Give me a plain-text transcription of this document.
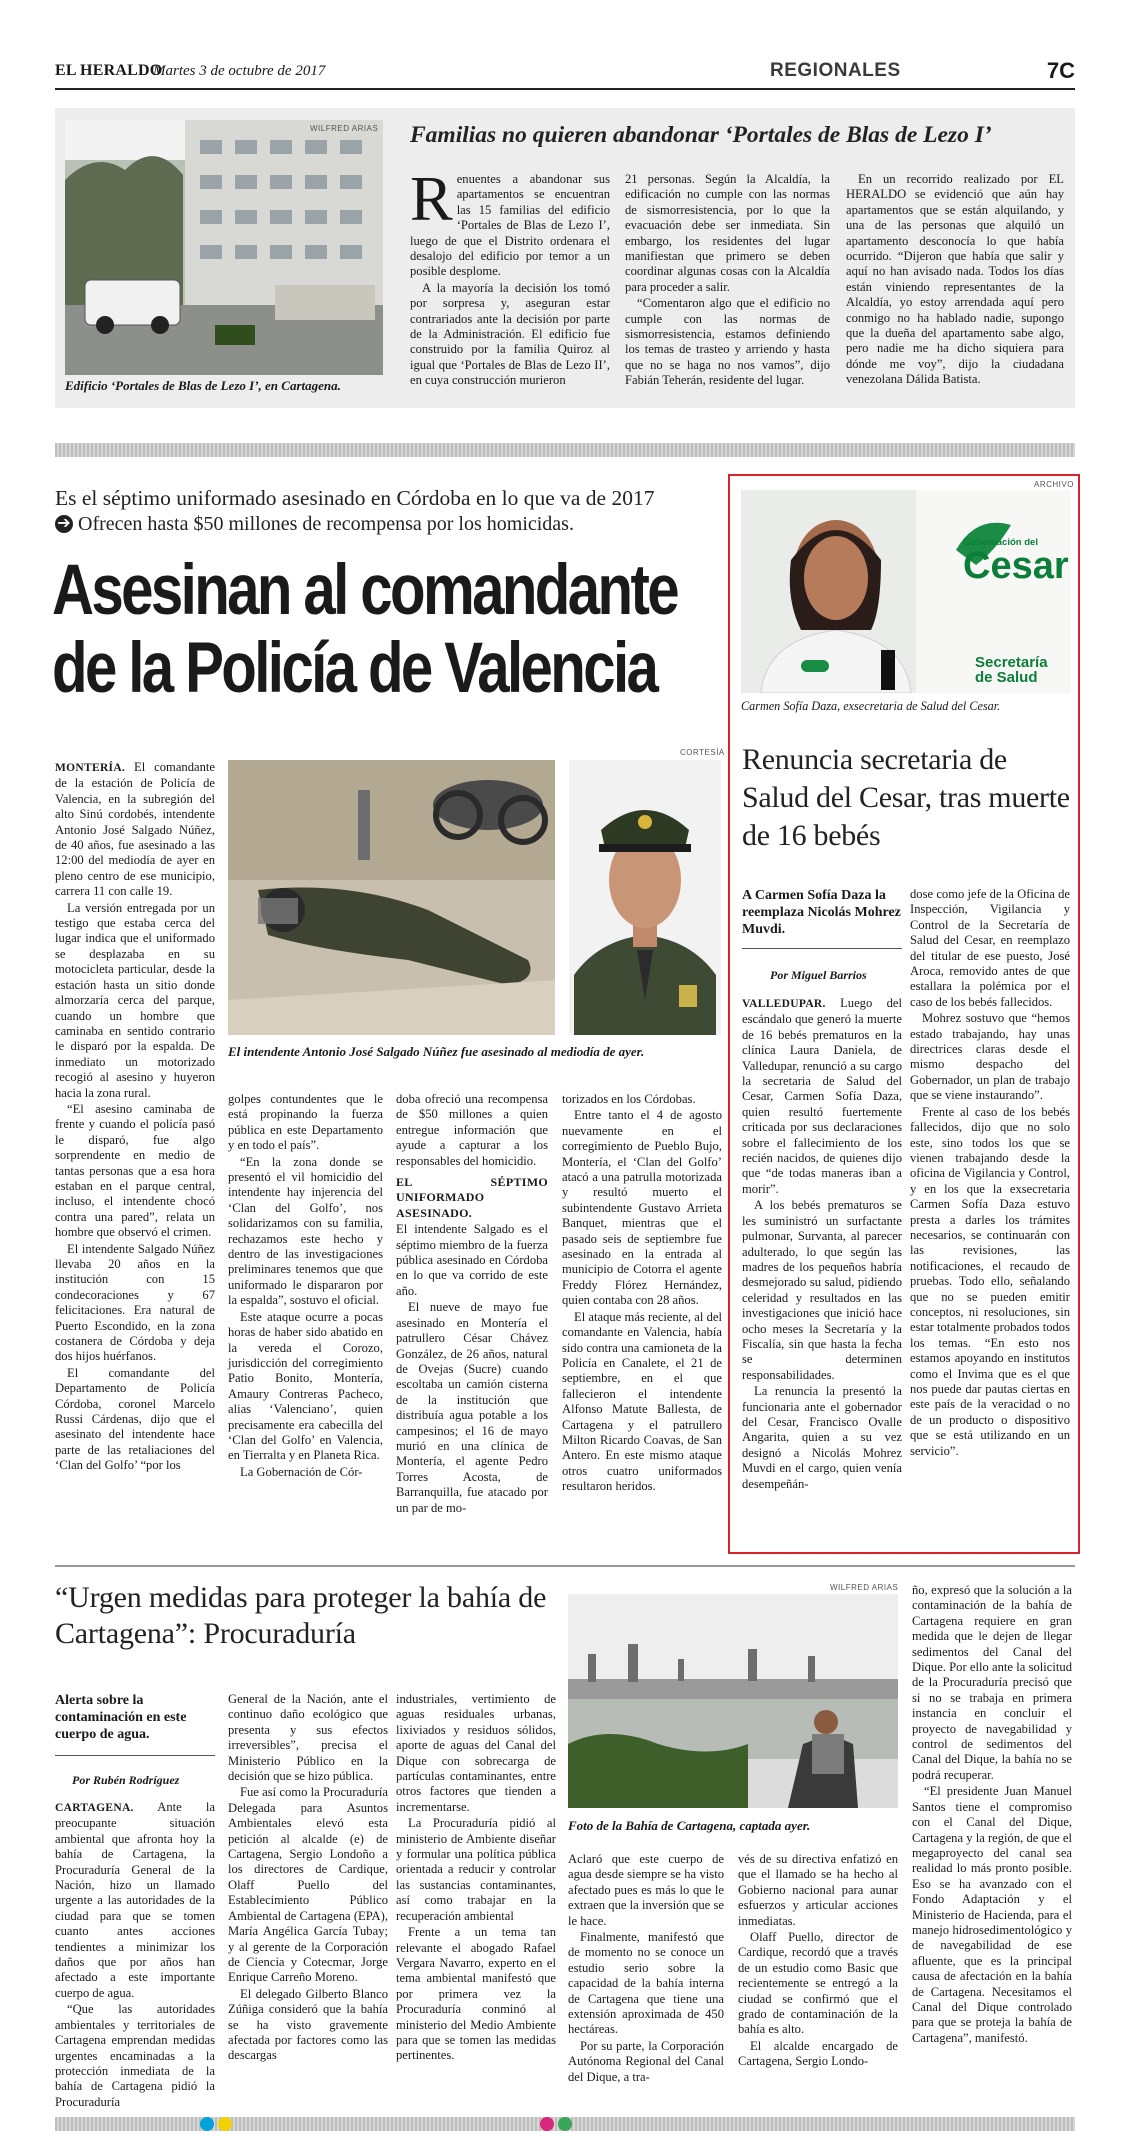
EL HERALDO
Martes 3 de octubre de 2017	REGIONALES	7C
WILFRED ARIAS
Edificio ‘Portales de Blas de Lezo I’, en Cartagena.
Familias no quieren abandonar ‘Portales de Blas de Lezo I’
R enuentes a abandonar sus apartamentos se encuentran las 15 familias del edificio ‘Portales de Blas de Lezo I’, luego de que el Distrito ordenara el desalojo del edificio por temor a un posible desplome.

A la mayoría la decisión los tomó por sorpresa y, aseguran estar contrariados ante la decisión por parte de la Administración. El edificio fue construido por la familia Quiroz al igual que ‘Portales de Blas de Lezo II’, en cuya construcción murieron

21 personas. Según la Alcaldía, la edificación no cumple con las normas de sismorresistencia, por lo que la evacuación debe ser inmediata. Sin embargo, los residentes del lugar manifiestan que primero se deben coordinar algunas cosas con la Alcaldía para proceder a salir.

“Comentaron algo que el edificio no cumple con las normas de sismorresistencia, estamos definiendo los temas de trasteo y arriendo y hasta que no se haga no nos vamos”, dijo Fabián Teherán, residente del lugar.

En un recorrido realizado por EL HERALDO se evidenció que aún hay apartamentos que se están alquilando, y una de las personas que alquiló un apartamento desconocía lo que había ocurrido. “Dijeron que había que salir y aquí no han avisado nada. Todos los días están viniendo representantes de la Alcaldía, yo estoy arrendada aquí pero conmigo no ha hablado nadie, supongo que la dueña del apartamento sabe algo, pero nadie me ha dicho siquiera para dónde me voy”, dijo la ciudadana venezolana Dálida Batista.

Es el séptimo uniformado asesinado en Córdoba en lo que va de 2017
➔ Ofrecen hasta $50 millones de recompensa por los homicidas.
Asesinan al comandante
de la Policía de Valencia
CORTESÍA
El intendente Antonio José Salgado Núñez fue asesinado al mediodía de ayer.

MONTERÍA. El comandante de la estación de Policía de Valencia, en la subregión del alto Sinú cordobés, intendente Antonio José Salgado Núñez, de 40 años, fue asesinado a las 12:00 del mediodía de ayer en pleno centro de ese municipio, carrera 11 con calle 19.

La versión entregada por un testigo que estaba cerca del lugar indica que el uniformado se desplazaba en su motocicleta particular, desde la estación hasta un sitio donde almorzaría cerca del parque, cuando un hombre que caminaba en sentido contrario le disparó por la espalda. De inmediato un motorizado recogió al asesino y huyeron hacia la zona rural.

“El asesino caminaba de frente y cuando el policía pasó le disparó, fue algo sorprendente en medio de tantas personas que a esa hora estaban en el parque central, incluso, el intendente chocó contra una pared”, relata un hombre que observó el crimen.

El intendente Salgado Núñez llevaba 20 años en la institución con 15 condecoraciones y 67 felicitaciones. Era natural de Puerto Escondido, en la zona costanera de Córdoba y deja dos hijos huérfanos.

El comandante del Departamento de Policía Córdoba, coronel Marcelo Russi Cárdenas, dijo que el asesinato del intendente hace parte de las retaliaciones del ‘Clan del Golfo’ “por los

golpes contundentes que le está propinando la fuerza pública en este Departamento y en todo el país”.

“En la zona donde se presentó el vil homicidio del intendente hay injerencia del ‘Clan del Golfo’, nos solidarizamos con su familia, rechazamos este hecho y dentro de las investigaciones preliminares tenemos que que uniformado le dispararon por la espalda”, sostuvo el oficial.

Este ataque ocurre a pocas horas de haber sido abatido en la vereda el Corozo, jurisdicción del corregimiento Patio Bonito, Montería, Amaury Contreras Pacheco, alias ‘Valenciano’, quien precisamente era cabecilla del ‘Clan del Golfo’ en Valencia, en Tierralta y en Planeta Rica.

La Gobernación de Cór-

doba ofreció una recompensa de $50 millones a quien entregue información que ayude a capturar a los responsables del homicidio.

EL SÉPTIMO UNIFORMADO ASESINADO.

El intendente Salgado es el séptimo miembro de la fuerza pública asesinado en Córdoba en lo que va corrido de este año.

El nueve de mayo fue asesinado en Montería el patrullero César Chávez González, de 26 años, natural de Ovejas (Sucre) cuando escoltaba un camión cisterna de la institución que distribuía agua potable a los campesinos; el 16 de mayo murió en una clínica de Montería, el agente Pedro Torres Acosta, de Barranquilla, fue atacado por un par de mo-

torizados en los Córdobas.

Entre tanto el 4 de agosto nuevamente en el corregimiento de Pueblo Bujo, Montería, el ‘Clan del Golfo’ atacó a una patrulla motorizada y resultó muerto el subintendente Gustavo Arrieta Banquet, mientras que el pasado seis de septiembre fue asesinado en la entrada al municipio de Cotorra el agente Freddy Flórez Hernández, quien contaba con 28 años.

El ataque más reciente, al del comandante en Valencia, había sido contra una camioneta de la Policía en Canalete, el 21 de septiembre, en el que fallecieron el intendente Alfonso Matute Ballesta, de Cartagena y el patrullero Milton Ricardo Coavas, de San Antero. En este mismo ataque otros cuatro uniformados resultaron heridos.

ARCHIVO
Gobernación del
Cesar
Secretaría
de Salud
Carmen Sofía Daza, exsecretaria de Salud del Cesar.
Renuncia secretaria de Salud del Cesar, tras muerte de 16 bebés
A Carmen Sofía Daza la reemplaza Nicolás Mohrez Muvdi.
Por Miguel Barrios

VALLEDUPAR. Luego del escándalo que generó la muerte de 16 bebés prematuros en la clínica Laura Daniela, de Valledupar, renunció a su cargo la secretaria de Salud del Cesar, Carmen Sofía Daza, quien resultó fuertemente criticada por sus declaraciones sobre el fallecimiento de los recién nacidos, de quienes dijo que “de todas maneras iban a morir”.

A los bebés prematuros se les suministró un surfactante pulmonar, Survanta, al parecer adulterado, lo que según las madres de los pequeños habría desmejorado su salud, pidiendo celeridad y resultados en las investigaciones que inició hace ocho meses la Secretaría y la Fiscalía, sin que hasta la fecha se determinen responsabilidades.

La renuncia la presentó la funcionaria ante el gobernador del Cesar, Francisco Ovalle Angarita, quien a su vez designó a Nicolás Mohrez Muvdi en el cargo, quien venía desempeñán-

dose como jefe de la Oficina de Inspección, Vigilancia y Control de la Secretaría de Salud del Cesar, en reemplazo del titular de ese puesto, José Aroca, removido antes de que estallara la polémica por el caso de los bebés fallecidos.

Mohrez sostuvo que “hemos estado trabajando, hay unas directrices claras desde el mismo despacho del Gobernador, un plan de trabajo que se viene instaurando”.

Frente al caso de los bebés fallecidos, dijo que no solo este, sino todos los que se vienen trabajando desde la oficina de Vigilancia y Control, y en los que la exsecretaria Carmen Sofía Daza estuvo presta a darles los trámites necesarios, se continuarán con las revisiones, las notificaciones, el recaudo de pruebas. Todo ello, señalando que no se pueden emitir conceptos, ni resoluciones, sin estar totalmente probados todos los temas. “En esto nos estamos apoyando en institutos como el Invima que es el que nos puede dar pautas ciertas en este país de la veracidad o no de un producto o dispositivo que se está utilizando en un servicio”.

“Urgen medidas para proteger la bahía de Cartagena”: Procuraduría
Alerta sobre la contaminación en este cuerpo de agua.
Por Rubén Rodríguez

CARTAGENA. Ante la preocupante situación ambiental que afronta hoy la bahía de Cartagena, la Procuraduría General de la Nación, hizo un llamado urgente a las autoridades de la ciudad para que se tomen cuanto antes acciones tendientes a minimizar los daños que por años han afectado a este importante cuerpo de agua.

“Que las autoridades ambientales y territoriales de Cartagena emprendan medidas urgentes encaminadas a la protección inmediata de la bahía de Cartagena pidió la Procuraduría

General de la Nación, ante el continuo daño ecológico que presenta y sus efectos irreversibles”, precisa el Ministerio Público en la decisión que se hizo pública.

Fue así como la Procuraduría Delegada para Asuntos Ambientales elevó esta petición al alcalde (e) de Cartagena, Sergio Londoño a los directores de Cardique, Olaff Puello del Establecimiento Público Ambiental de Cartagena (EPA), María Angélica García Tubay; y al gerente de la Corporación de Ciencia y Cotecmar, Jorge Enrique Carreño Moreno.

El delegado Gilberto Blanco Zúñiga consideró que la bahía se ha visto gravemente afectada por factores como las descargas

industriales, vertimiento de aguas residuales urbanas, lixiviados y residuos sólidos, aporte de aguas del Canal del Dique con sobrecarga de partículas contaminantes, entre otros factores que tienden a incrementarse.

La Procuraduría pidió al ministerio de Ambiente diseñar y formular una política pública orientada a reducir y controlar las sustancias contaminantes, así como trabajar en la recuperación ambiental

Frente a un tema tan relevante el abogado Rafael Vergara Navarro, experto en el tema ambiental manifestó que por primera vez la Procuraduría conminó al ministerio del Medio Ambiente para que se tomen las medidas pertinentes.

WILFRED ARIAS
Foto de la Bahía de Cartagena, captada ayer.

Aclaró que este cuerpo de agua desde siempre se ha visto afectado pues es más lo que le extraen que la inversión que se le hace.

Finalmente, manifestó que de momento no se conoce un estudio serio sobre la capacidad de la bahía interna de Cartagena que tiene una extensión aproximada de 450 hectáreas.

Por su parte, la Corporación Autónoma Regional del Canal del Dique, a tra-

vés de su directiva enfatizó en que el llamado se ha hecho al Gobierno nacional para aunar esfuerzos y articular acciones inmediatas.

Olaff Puello, director de Cardique, recordó que a través de un estudio como Basic que recientemente se entregó a la ciudad se confirmó que el grado de contaminación de la bahía es alto.

El alcalde encargado de Cartagena, Sergio Londo-

ño, expresó que la solución a la contaminación de la bahía de Cartagena requiere en gran medida que le dejen de llegar sedimentos del Canal del Dique. Por ello ante la solicitud de la Procuraduría precisó que si no se trabaja en primera instancia en concluir el proyecto de navegabilidad y control de sedimentos del Canal del Dique, la bahía no se podrá recuperar.

“El presidente Juan Manuel Santos tiene el compromiso con el Canal del Dique, Cartagena y la región, de que el megaproyecto del canal sea realidad lo más pronto posible. Eso se ha avanzado con el Fondo Adaptación y el Ministerio de Hacienda, para el manejo hidrosedimentológico y de navegabilidad de ese afluente, que es la principal causa de afectación en la bahía de Cartagena. Necesitamos el Canal del Dique controlado para que se proteja la bahía de Cartagena”, manifestó.
